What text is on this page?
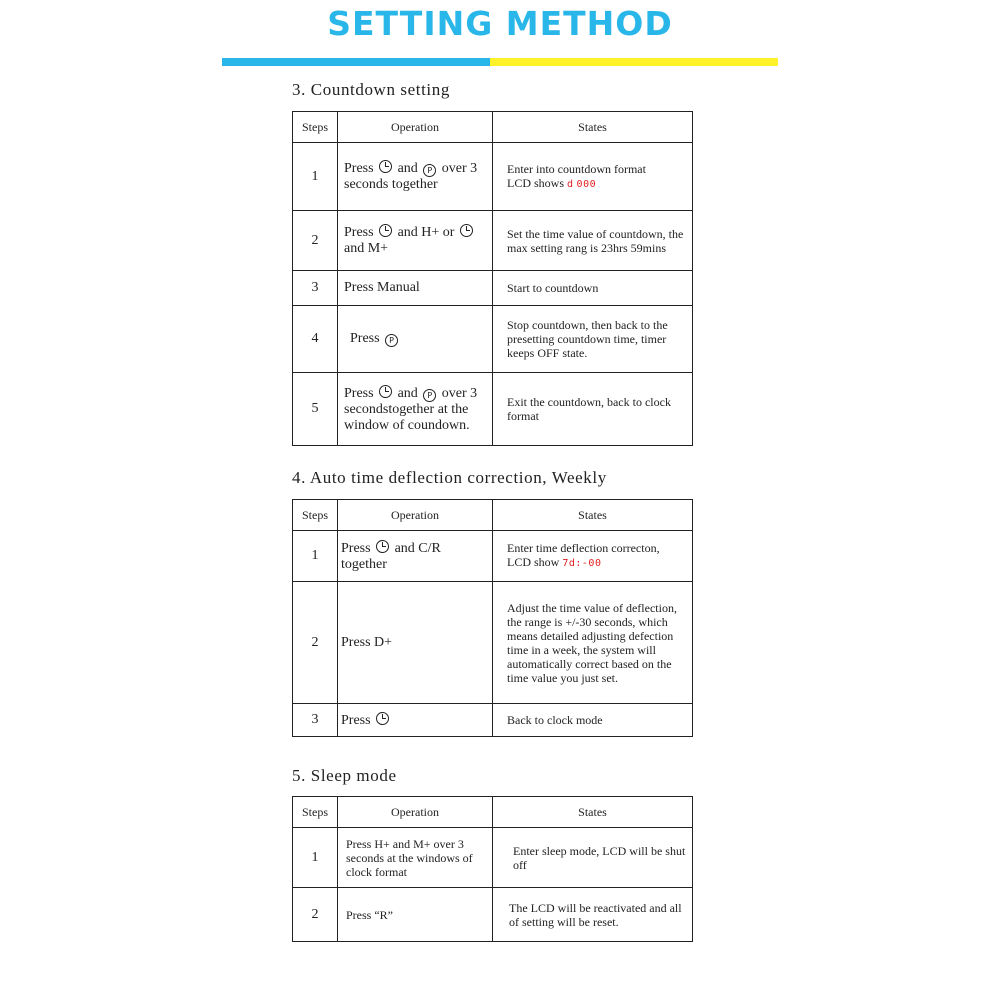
SETTING METHOD
3. Countdown setting
Steps	Operation	States
1	Press and P over 3 seconds together	Enter into countdown format
LCD shows d 000
2	Press and H+ or  and M+	Set the time value of countdown, the max setting rang is 23hrs 59mins
3	Press Manual	Start to countdown
4	Press P	Stop countdown, then back to the presetting countdown time, timer keeps OFF state.
5	Press and P over 3 secondstogether at the window of coundown.	Exit the countdown, back to clock format
4. Auto time deflection correction, Weekly
Steps	Operation	States
1	Press and C/R together	Enter time deflection correcton,
LCD show 7d:-00
2	Press D+	Adjust the time value of deflection, the range is +/-30 seconds, which means detailed adjusting defection time in a week, the system will automatically correct based on the time value you just set.
3	Press	Back to clock mode
5. Sleep mode
Steps	Operation	States
1	Press H+ and M+ over 3 seconds at the windows of clock format	Enter sleep mode, LCD will be shut off
2	Press “R”	The LCD will be reactivated and all of setting will be reset.
